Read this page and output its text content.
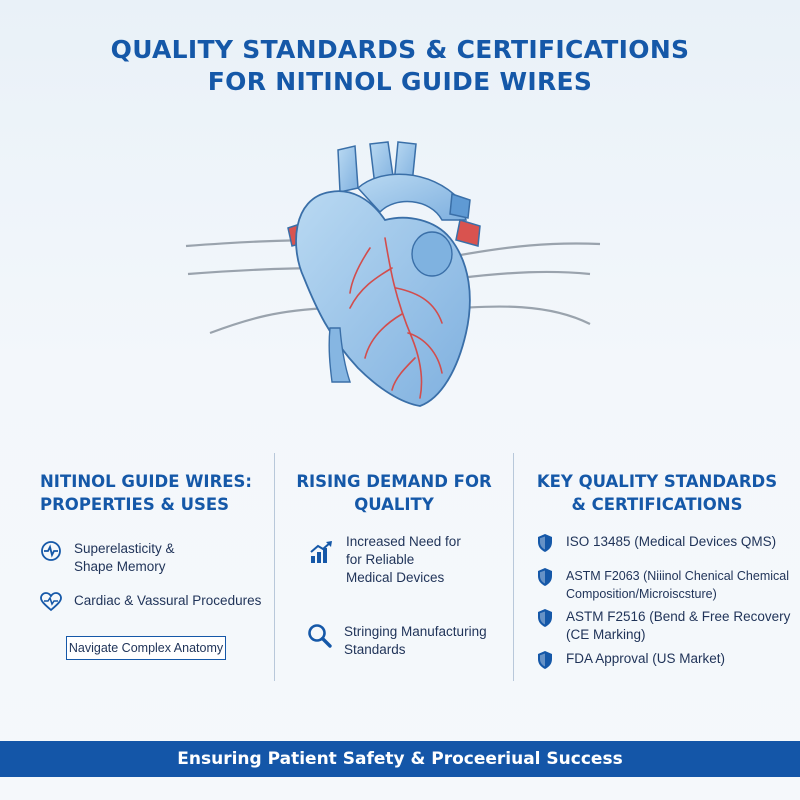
QUALITY STANDARDS & CERTIFICATIONS
FOR NITINOL GUIDE WIRES
NITINOL GUIDE WIRES:
PROPERTIES & USES
Superelasticity &
Shape Memory
Cardiac & Vassural Procedures
Navigate Complex Anatomy
RISING DEMAND FOR
QUALITY
Increased Need for
for Reliable
Medical Devices
Stringing Manufacturing
Standards
KEY QUALITY STANDARDS
& CERTIFICATIONS
ISO 13485 (Medical Devices QMS)
ASTM F2063 (Niiinol Chenical Chemical
Composition/Microiscsture)
ASTM F2516 (Bend & Free Recovery
(CE Marking)
FDA Approval (US Market)
Ensuring Patient Safety & Proceeriual Success
